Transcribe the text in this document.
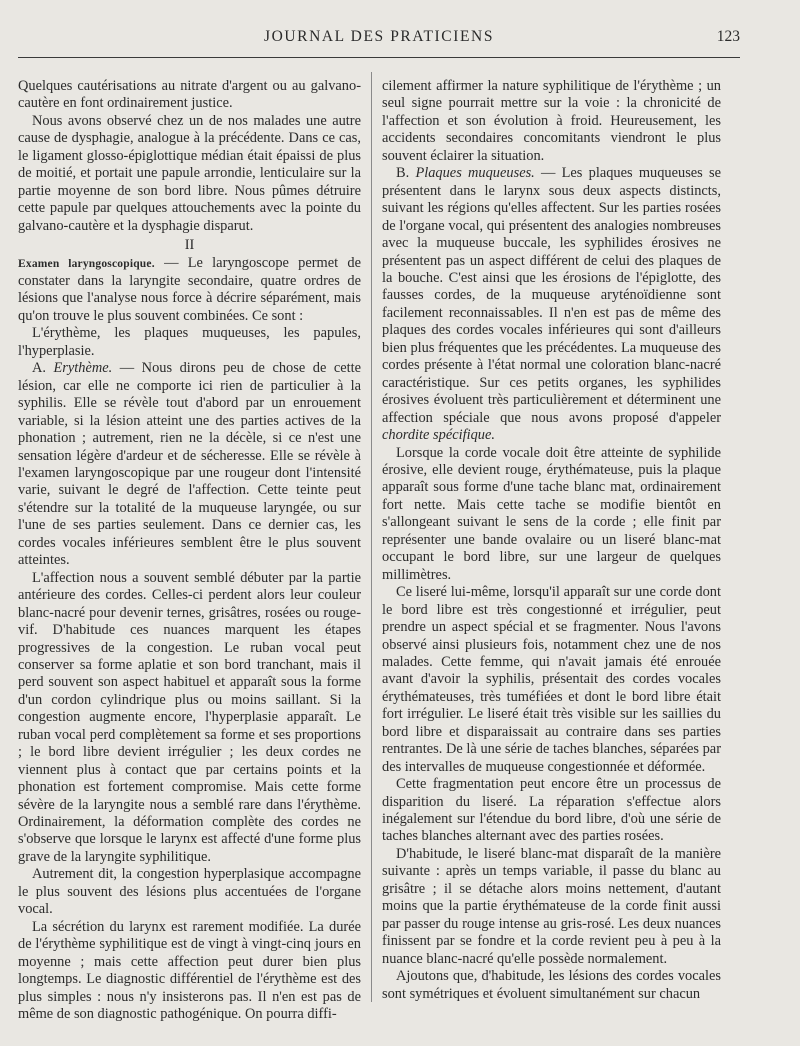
JOURNAL DES PRATICIENS	123

Quelques cautérisations au nitrate d'argent ou au galvano-cautère en font ordinairement justice.

Nous avons observé chez un de nos malades une autre cause de dysphagie, analogue à la précédente. Dans ce cas, le ligament glosso-épiglottique médian était épaissi de plus de moitié, et portait une papule arrondie, lenticulaire sur la partie moyenne de son bord libre. Nous pûmes détruire cette papule par quelques attouchements avec la pointe du galvano-cautère et la dysphagie disparut.

II

Examen laryngoscopique. — Le laryngoscope permet de constater dans la laryngite secondaire, quatre ordres de lésions que l'analyse nous force à décrire séparément, mais qu'on trouve le plus souvent combinées. Ce sont :

L'érythème, les plaques muqueuses, les papules, l'hyperplasie.

A. Erythème. — Nous dirons peu de chose de cette lésion, car elle ne comporte ici rien de particulier à la syphilis. Elle se révèle tout d'abord par un enrouement variable, si la lésion atteint une des parties actives de la phonation ; autrement, rien ne la décèle, si ce n'est une sensation légère d'ardeur et de sécheresse. Elle se révèle à l'examen laryngoscopique par une rougeur dont l'intensité varie, suivant le degré de l'affection. Cette teinte peut s'étendre sur la totalité de la muqueuse laryngée, ou sur l'une de ses parties seulement. Dans ce dernier cas, les cordes vocales inférieures semblent être le plus souvent atteintes.

L'affection nous a souvent semblé débuter par la partie antérieure des cordes. Celles-ci perdent alors leur couleur blanc-nacré pour devenir ternes, grisâtres, rosées ou rouge-vif. D'habitude ces nuances marquent les étapes progressives de la congestion. Le ruban vocal peut conserver sa forme aplatie et son bord tranchant, mais il perd souvent son aspect habituel et apparaît sous la forme d'un cordon cylindrique plus ou moins saillant. Si la congestion augmente encore, l'hyperplasie apparaît. Le ruban vocal perd complètement sa forme et ses proportions ; le bord libre devient irrégulier ; les deux cordes ne viennent plus à contact que par certains points et la phonation est fortement compromise. Mais cette forme sévère de la laryngite nous a semblé rare dans l'érythème. Ordinairement, la déformation complète des cordes ne s'observe que lorsque le larynx est affecté d'une forme plus grave de la laryngite syphilitique.

Autrement dit, la congestion hyperplasique accompagne le plus souvent des lésions plus accentuées de l'organe vocal.

La sécrétion du larynx est rarement modifiée. La durée de l'érythème syphilitique est de vingt à vingt-cinq jours en moyenne ; mais cette affection peut durer bien plus longtemps. Le diagnostic différentiel de l'érythème est des plus simples : nous n'y insisterons pas. Il n'en est pas de même de son diagnostic pathogénique. On pourra diffi-

cilement affirmer la nature syphilitique de l'érythème ; un seul signe pourrait mettre sur la voie : la chronicité de l'affection et son évolution à froid. Heureusement, les accidents secondaires concomitants viendront le plus souvent éclairer la situation.

B. Plaques muqueuses. — Les plaques muqueuses se présentent dans le larynx sous deux aspects distincts, suivant les régions qu'elles affectent. Sur les parties rosées de l'organe vocal, qui présentent des analogies nombreuses avec la muqueuse buccale, les syphilides érosives ne présentent pas un aspect différent de celui des plaques de la bouche. C'est ainsi que les érosions de l'épiglotte, des fausses cordes, de la muqueuse aryténoïdienne sont facilement reconnaissables. Il n'en est pas de même des plaques des cordes vocales inférieures qui sont d'ailleurs bien plus fréquentes que les précédentes. La muqueuse des cordes présente à l'état normal une coloration blanc-nacré caractéristique. Sur ces petits organes, les syphilides érosives évoluent très particulièrement et déterminent une affection spéciale que nous avons proposé d'appeler chordite spécifique.

Lorsque la corde vocale doit être atteinte de syphilide érosive, elle devient rouge, érythémateuse, puis la plaque apparaît sous forme d'une tache blanc mat, ordinairement fort nette. Mais cette tache se modifie bientôt en s'allongeant suivant le sens de la corde ; elle finit par représenter une bande ovalaire ou un liseré blanc-mat occupant le bord libre, sur une largeur de quelques millimètres.

Ce liseré lui-même, lorsqu'il apparaît sur une corde dont le bord libre est très congestionné et irrégulier, peut prendre un aspect spécial et se fragmenter. Nous l'avons observé ainsi plusieurs fois, notamment chez une de nos malades. Cette femme, qui n'avait jamais été enrouée avant d'avoir la syphilis, présentait des cordes vocales érythémateuses, très tuméfiées et dont le bord libre était fort irrégulier. Le liseré était très visible sur les saillies du bord libre et disparaissait au contraire dans ses parties rentrantes. De là une série de taches blanches, séparées par des intervalles de muqueuse congestionnée et déformée.

Cette fragmentation peut encore être un processus de disparition du liseré. La réparation s'effectue alors inégalement sur l'étendue du bord libre, d'où une série de taches blanches alternant avec des parties rosées.

D'habitude, le liseré blanc-mat disparaît de la manière suivante : après un temps variable, il passe du blanc au grisâtre ; il se détache alors moins nettement, d'autant moins que la partie érythémateuse de la corde finit aussi par passer du rouge intense au gris-rosé. Les deux nuances finissent par se fondre et la corde revient peu à peu à la nuance blanc-nacré qu'elle possède normalement.

Ajoutons que, d'habitude, les lésions des cordes vocales sont symétriques et évoluent simultanément sur chacun
